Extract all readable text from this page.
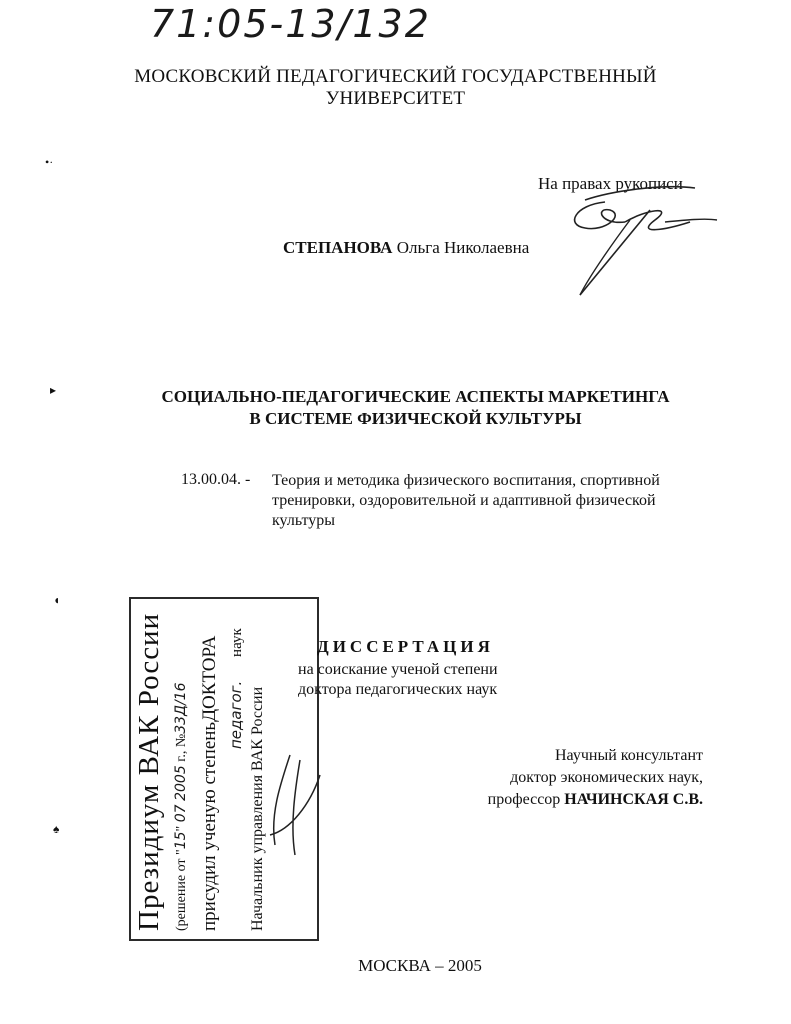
71:05-13/132
МОСКОВСКИЙ ПЕДАГОГИЧЕСКИЙ ГОСУДАРСТВЕННЫЙ
УНИВЕРСИТЕТ
•·
▸
◖
♠
На правах рукописи
СТЕПАНОВА Ольга Николаевна
СОЦИАЛЬНО-ПЕДАГОГИЧЕСКИЕ АСПЕКТЫ МАРКЕТИНГА
В СИСТЕМЕ ФИЗИЧЕСКОЙ КУЛЬТУРЫ
13.00.04. - Теория и методика физического воспитания, спортивной
тренировки, оздоровительной и адаптивной физической
культуры
Президиум ВАК России (решение от "15" 07 2005 г., №33Д/16
присудил ученую степеньДОКТОРА педагог. наук
Начальник управления ВАК России
ДИССЕРТАЦИЯ
на соискание ученой степени
доктора педагогических наук
Научный консультант
доктор экономических наук,
профессор НАЧИНСКАЯ С.В.
МОСКВА – 2005
